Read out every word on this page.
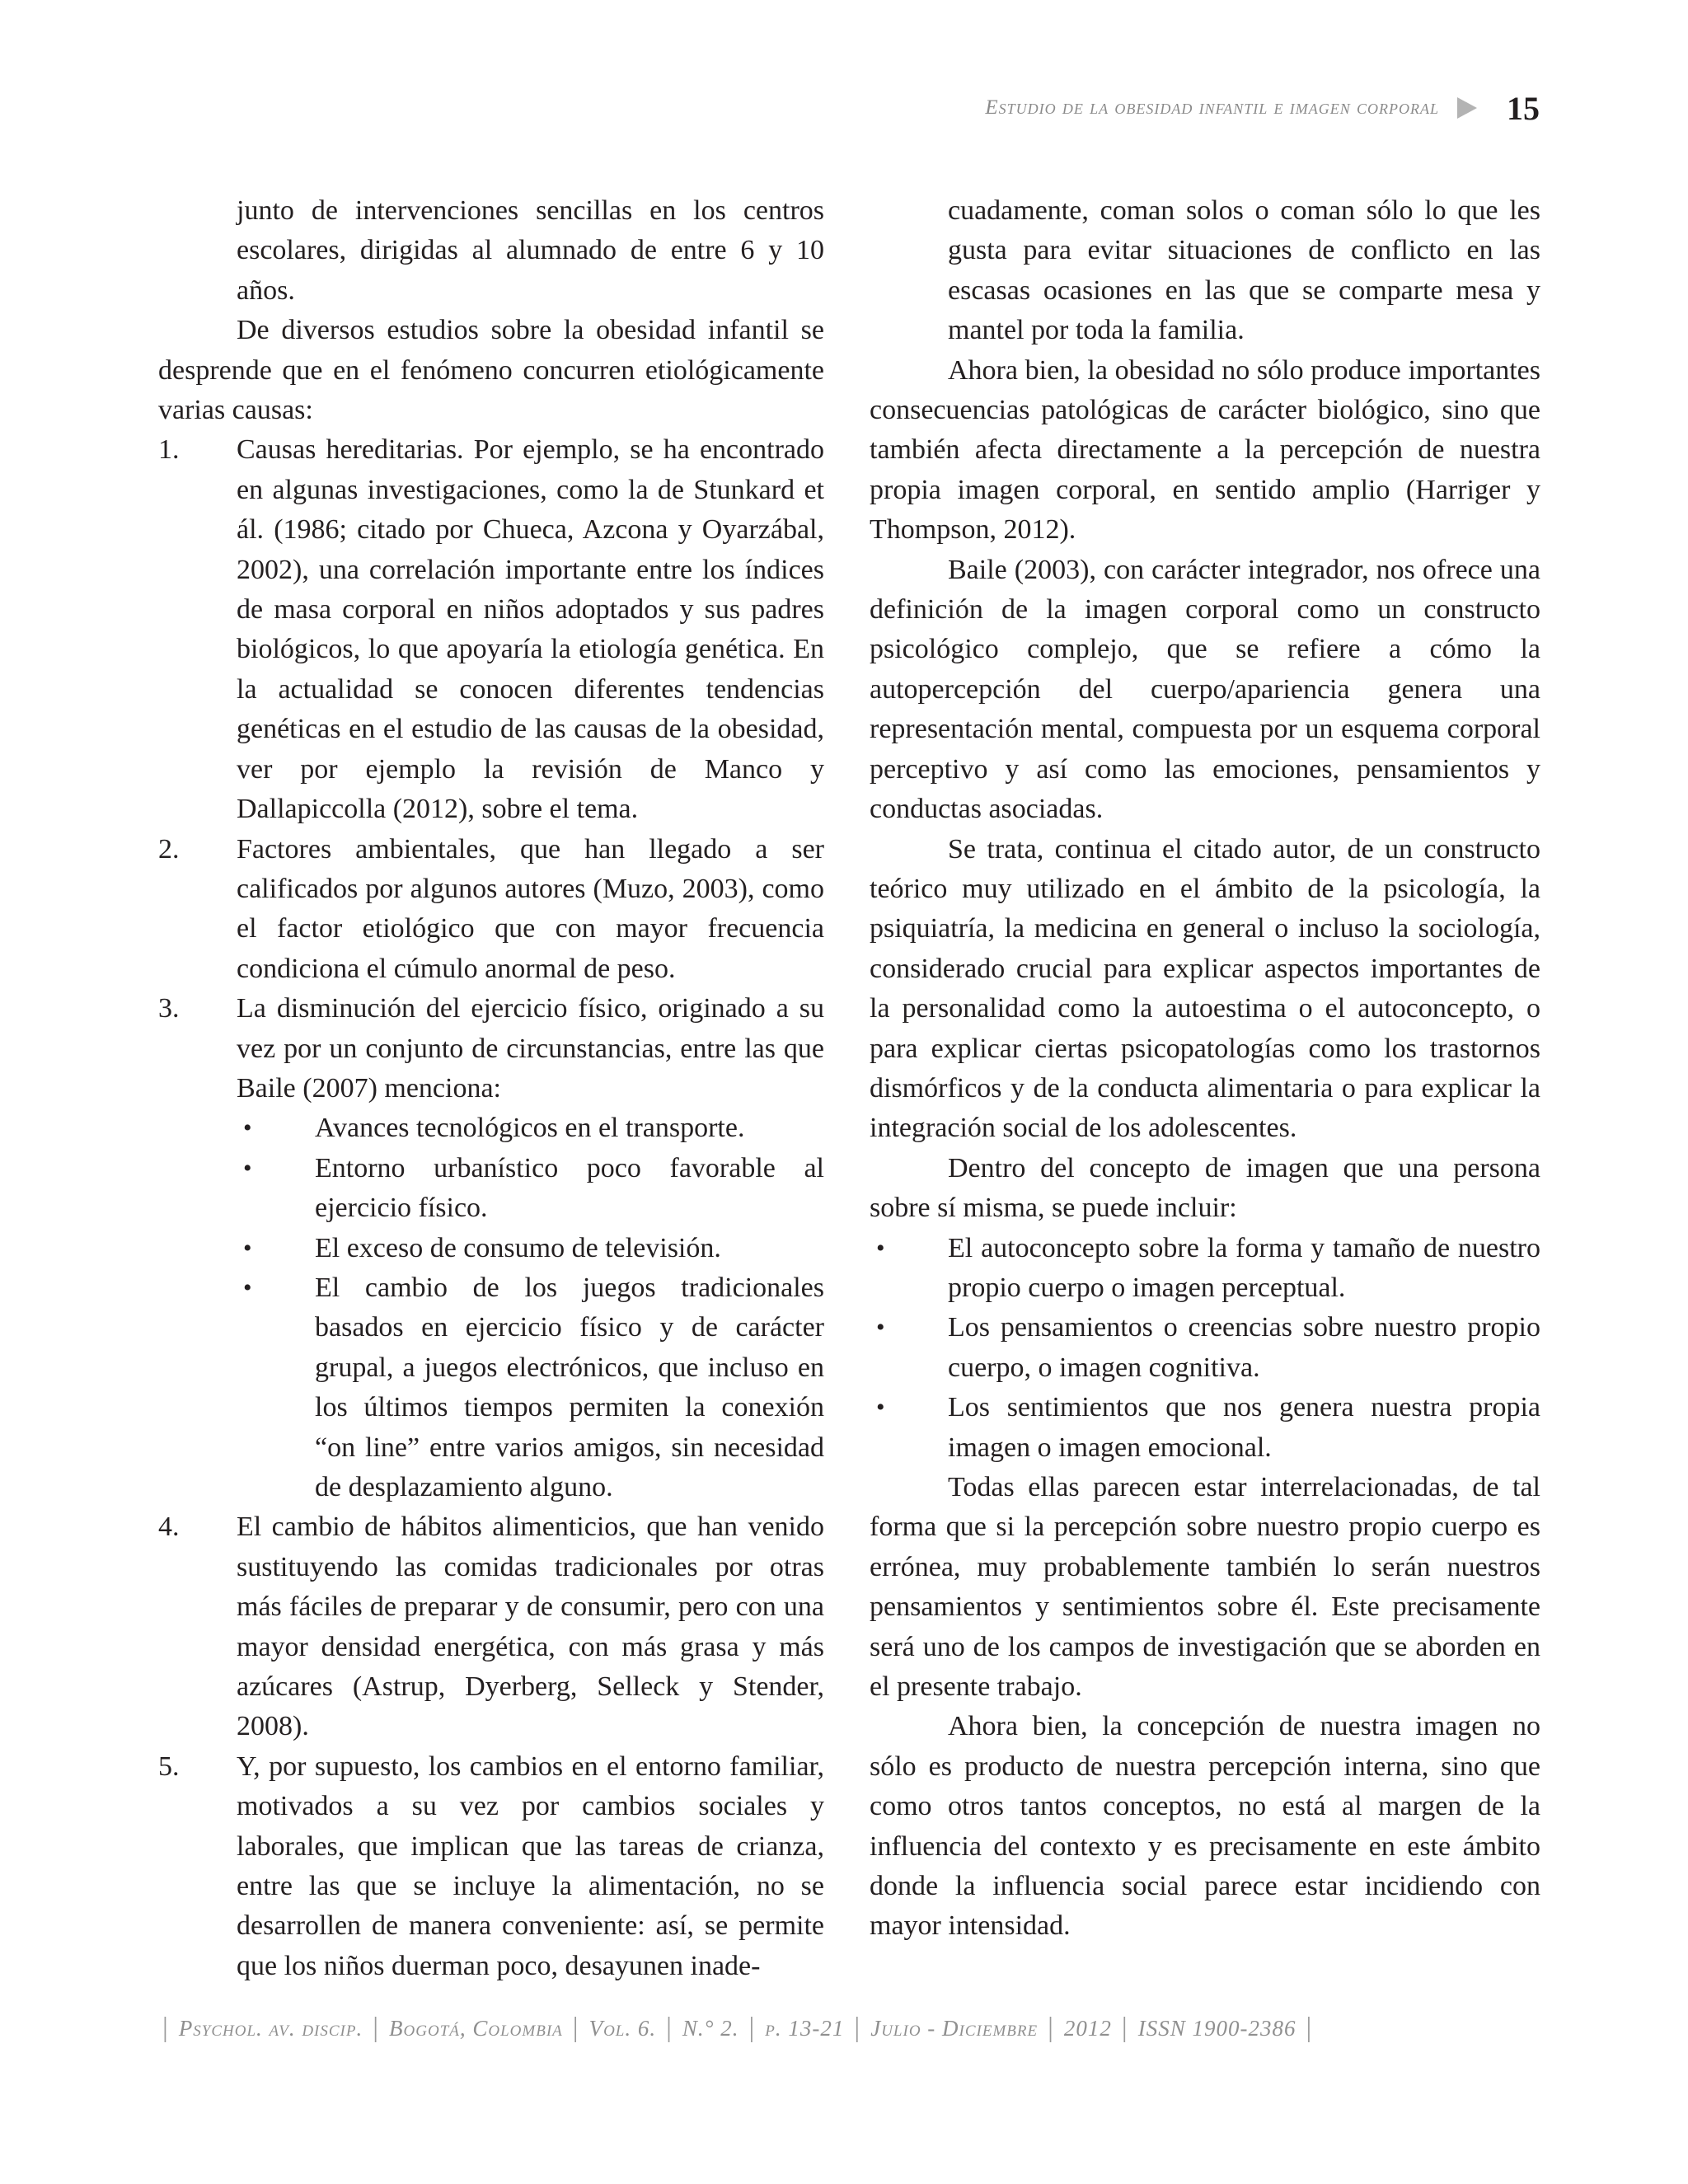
Estudio de la obesidad infantil e imagen corporal 15

junto de intervenciones sencillas en los centros escolares, dirigidas al alumnado de entre 6 y 10 años.

De diversos estudios sobre la obesidad infantil se desprende que en el fenómeno concurren etiológicamente varias causas:

1.	Causas hereditarias. Por ejemplo, se ha encontrado en algunas investigaciones, como la de Stunkard et ál. (1986; citado por Chueca, Azcona y Oyarzábal, 2002), una correlación importante entre los índices de masa corporal en niños adoptados y sus padres biológicos, lo que apoyaría la etiología genética. En la actualidad se conocen diferentes tendencias genéticas en el estudio de las causas de la obesidad, ver por ejemplo la revisión de Manco y Dallapiccolla (2012), sobre el tema.
2.	Factores ambientales, que han llegado a ser calificados por algunos autores (Muzo, 2003), como el factor etiológico que con mayor frecuencia condiciona el cúmulo anormal de peso.
3.	La disminución del ejercicio físico, originado a su vez por un conjunto de circunstancias, entre las que Baile (2007) menciona:
•	Avances tecnológicos en el transporte.
•	Entorno urbanístico poco favorable al ejercicio físico.
•	El exceso de consumo de televisión.
•	El cambio de los juegos tradicionales basados en ejercicio físico y de carácter grupal, a juegos electrónicos, que incluso en los últimos tiempos permiten la conexión “on line” entre varios amigos, sin necesidad de desplazamiento alguno.
4.	El cambio de hábitos alimenticios, que han venido sustituyendo las comidas tradicionales por otras más fáciles de preparar y de consumir, pero con una mayor densidad energética, con más grasa y más azúcares (Astrup, Dyerberg, Selleck y Stender, 2008).
5.	Y, por supuesto, los cambios en el entorno familiar, motivados a su vez por cambios sociales y laborales, que implican que las tareas de crianza, entre las que se incluye la alimentación, no se desarrollen de manera conveniente: así, se permite que los niños duerman poco, desayunen inade-

cuadamente, coman solos o coman sólo lo que les gusta para evitar situaciones de conflicto en las escasas ocasiones en las que se comparte mesa y mantel por toda la familia.

Ahora bien, la obesidad no sólo produce importantes consecuencias patológicas de carácter biológico, sino que también afecta directamente a la percepción de nuestra propia imagen corporal, en sentido amplio (Harriger y Thompson, 2012).

Baile (2003), con carácter integrador, nos ofrece una definición de la imagen corporal como un constructo psicológico complejo, que se refiere a cómo la autopercepción del cuerpo/apariencia genera una representación mental, compuesta por un esquema corporal perceptivo y así como las emociones, pensamientos y conductas asociadas.

Se trata, continua el citado autor, de un constructo teórico muy utilizado en el ámbito de la psicología, la psiquiatría, la medicina en general o incluso la sociología, considerado crucial para explicar aspectos importantes de la personalidad como la autoestima o el autoconcepto, o para explicar ciertas psicopatologías como los trastornos dismórficos y de la conducta alimentaria o para explicar la integración social de los adolescentes.

Dentro del concepto de imagen que una persona sobre sí misma, se puede incluir:

•	El autoconcepto sobre la forma y tamaño de nuestro propio cuerpo o imagen perceptual.
•	Los pensamientos o creencias sobre nuestro propio cuerpo, o imagen cognitiva.
•	Los sentimientos que nos genera nuestra propia imagen o imagen emocional.

Todas ellas parecen estar interrelacionadas, de tal forma que si la percepción sobre nuestro propio cuerpo es errónea, muy probablemente también lo serán nuestros pensamientos y sentimientos sobre él. Este precisamente será uno de los campos de investigación que se aborden en el presente trabajo.

Ahora bien, la concepción de nuestra imagen no sólo es producto de nuestra percepción interna, sino que como otros tantos conceptos, no está al margen de la influencia del contexto y es precisamente en este ámbito donde la influencia social parece estar incidiendo con mayor intensidad.

| Psychol. av. discip. | Bogotá, Colombia | Vol. 6. | N.° 2. | p. 13-21 | Julio - Diciembre | 2012 | ISSN 1900-2386 |
